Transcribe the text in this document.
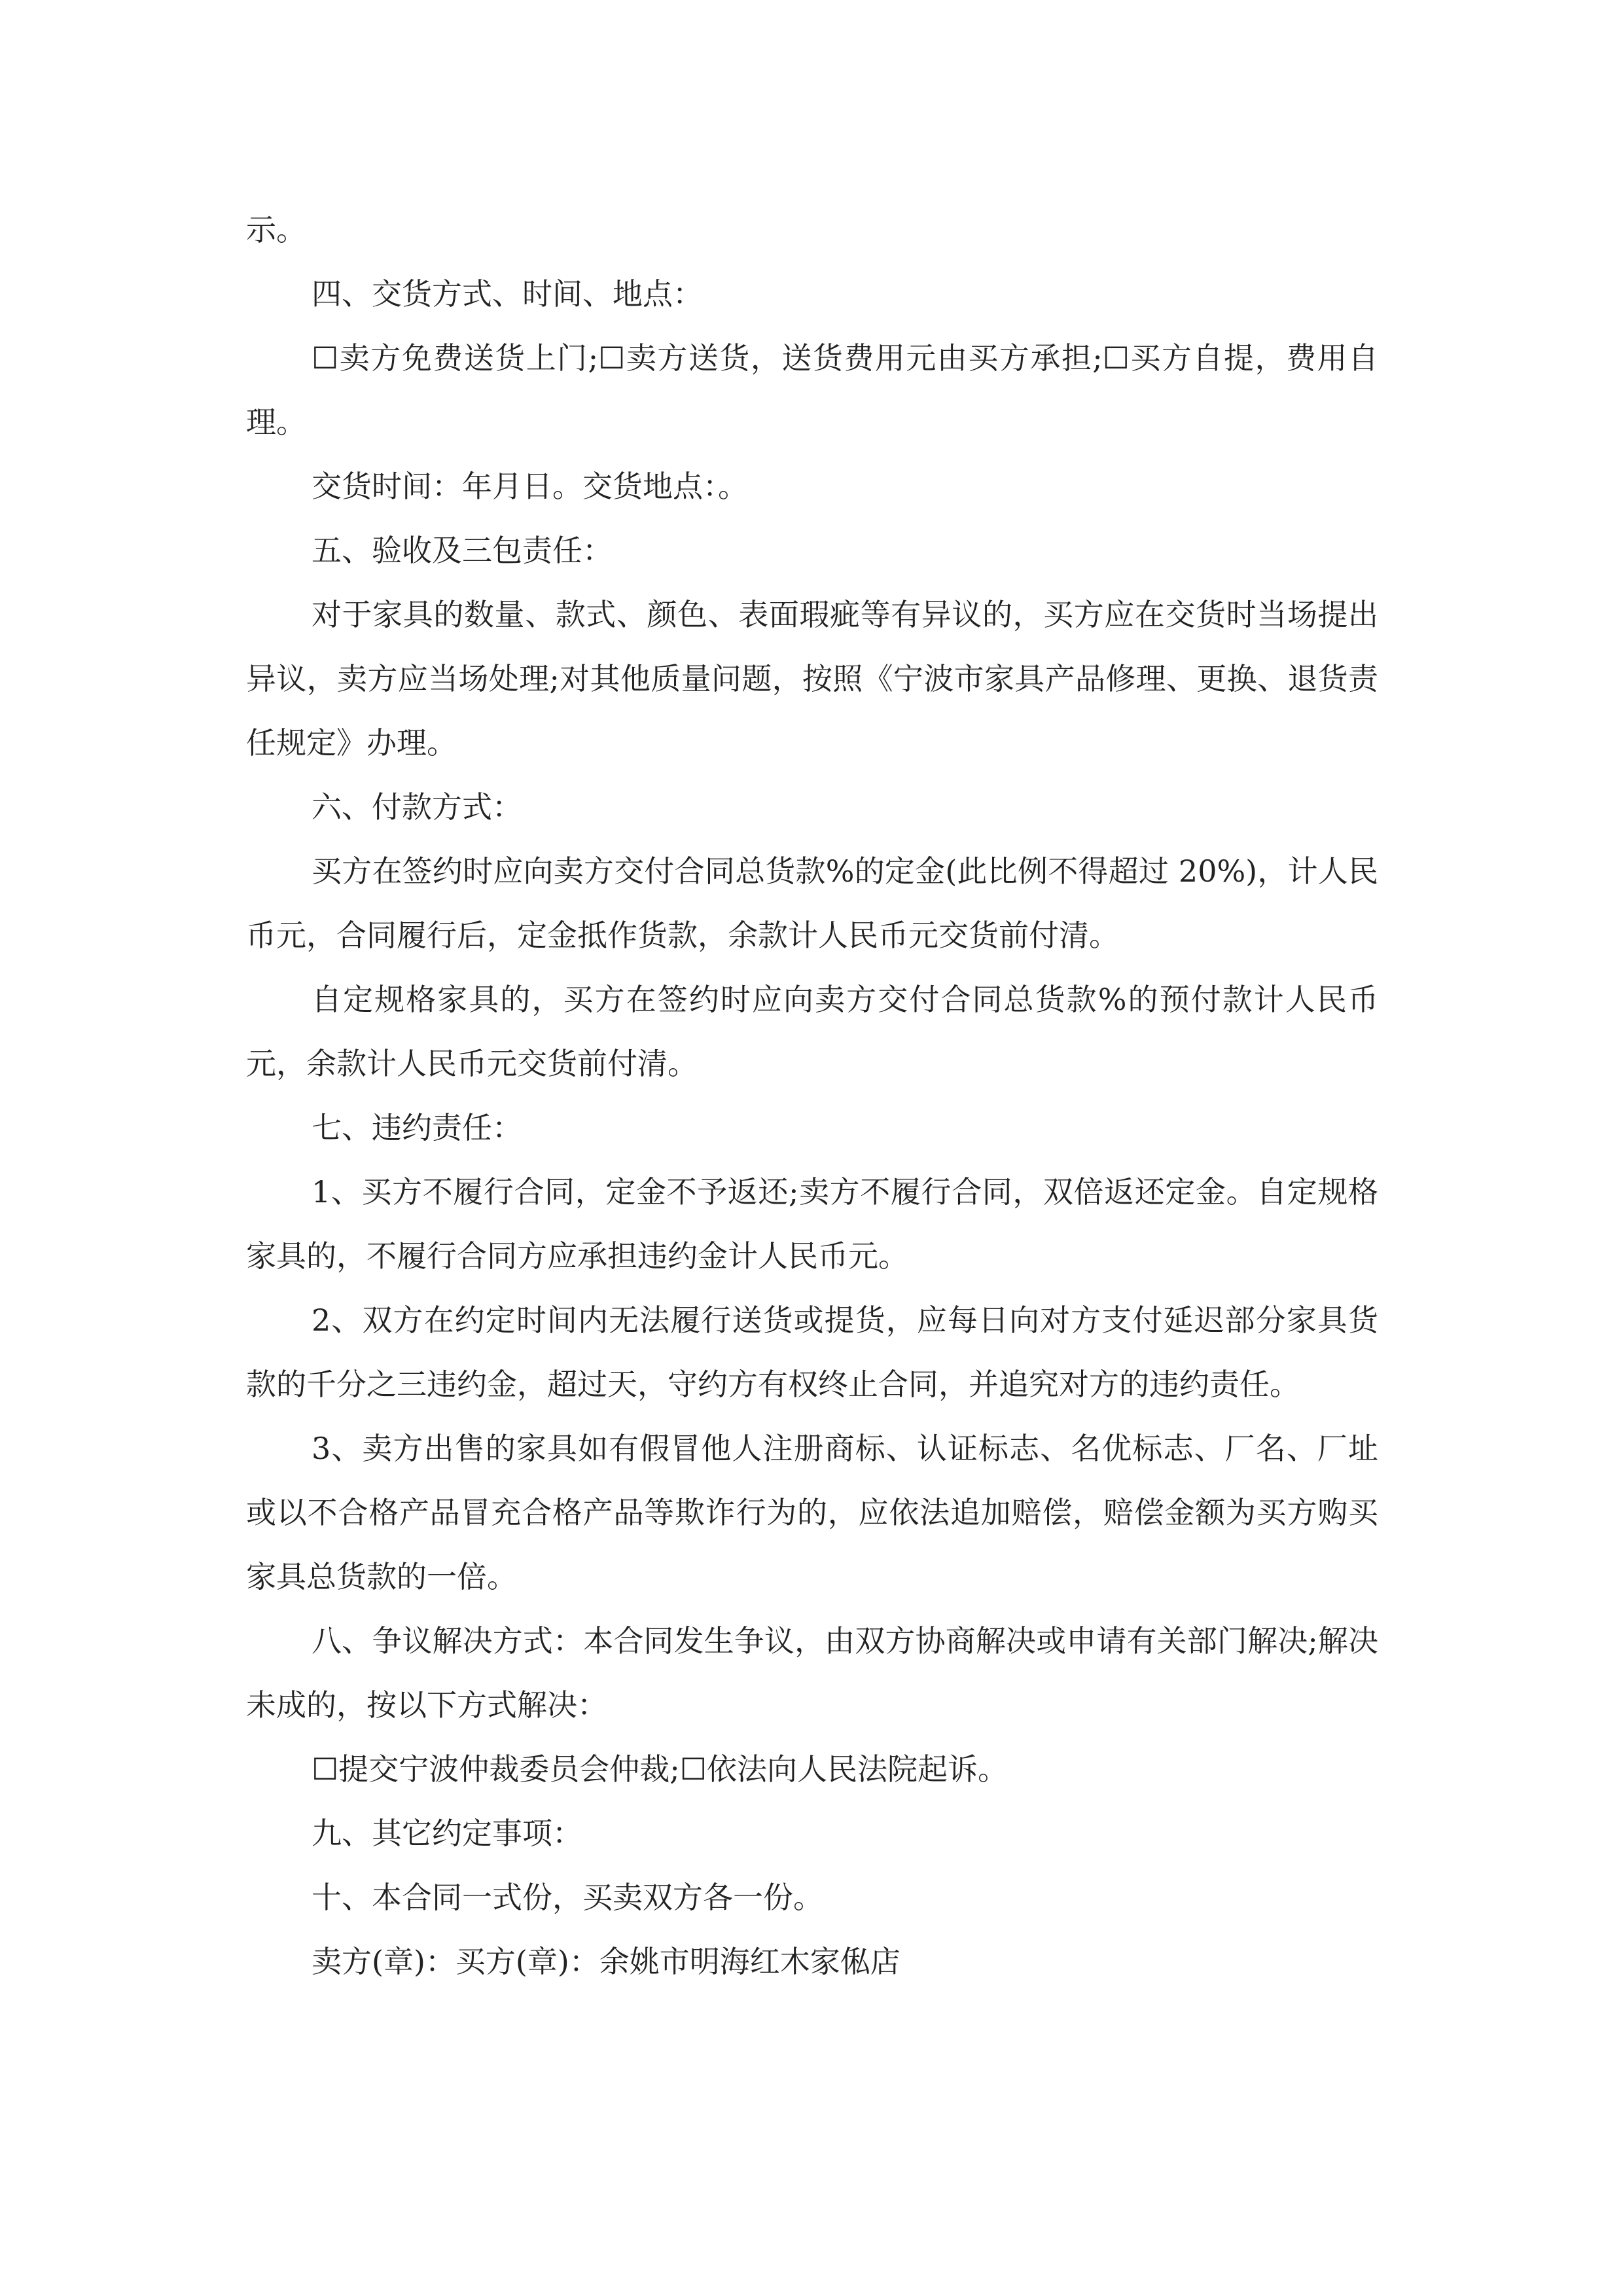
示。

四、交货方式、时间、地点：

☐卖方免费送货上门;☐卖方送货，送货费用元由买方承担;☐买方自提，费用自理。

交货时间：年月日。交货地点：。

五、验收及三包责任：

对于家具的数量、款式、颜色、表面瑕疵等有异议的，买方应在交货时当场提出异议，卖方应当场处理;对其他质量问题，按照《宁波市家具产品修理、更换、退货责任规定》办理。

六、付款方式：

买方在签约时应向卖方交付合同总货款%的定金(此比例不得超过 20%)，计人民币元，合同履行后，定金抵作货款，余款计人民币元交货前付清。

自定规格家具的，买方在签约时应向卖方交付合同总货款%的预付款计人民币元，余款计人民币元交货前付清。

七、违约责任：

1、买方不履行合同，定金不予返还;卖方不履行合同，双倍返还定金。自定规格家具的，不履行合同方应承担违约金计人民币元。

2、双方在约定时间内无法履行送货或提货，应每日向对方支付延迟部分家具货款的千分之三违约金，超过天，守约方有权终止合同，并追究对方的违约责任。

3、卖方出售的家具如有假冒他人注册商标、认证标志、名优标志、厂名、厂址或以不合格产品冒充合格产品等欺诈行为的，应依法追加赔偿，赔偿金额为买方购买家具总货款的一倍。

八、争议解决方式：本合同发生争议，由双方协商解决或申请有关部门解决;解决未成的，按以下方式解决：

☐提交宁波仲裁委员会仲裁;☐依法向人民法院起诉。

九、其它约定事项：

十、本合同一式份，买卖双方各一份。

卖方(章)：买方(章)：余姚市明海红木家俬店
